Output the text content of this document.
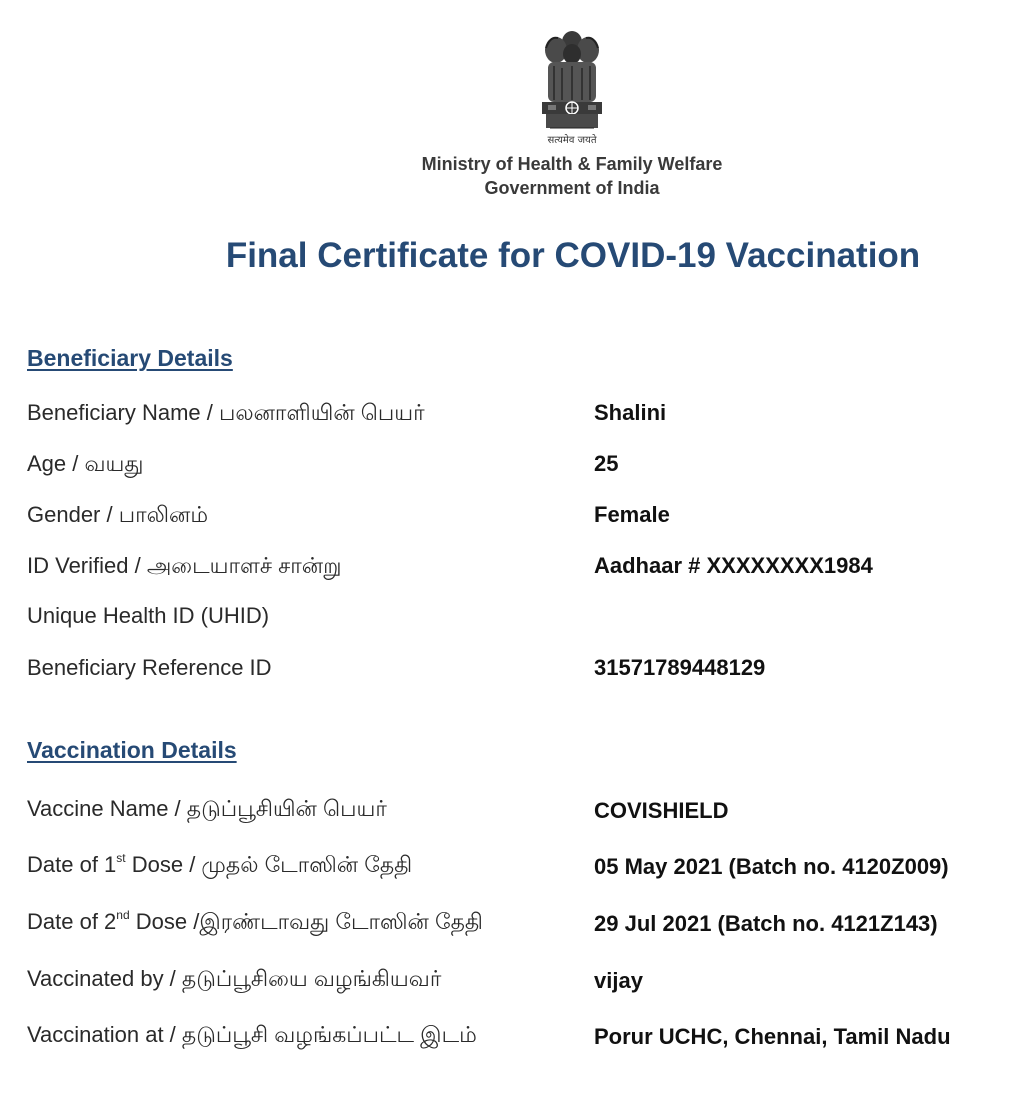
सत्यमेव जयते
Ministry of Health & Family Welfare
Government of India
Final Certificate for COVID-19 Vaccination
Beneficiary Details
Beneficiary Name / பலனாளியின் பெயர்	Shalini
Age / வயது	25
Gender / பாலினம்	Female
ID Verified / அடையாளச் சான்று	Aadhaar # XXXXXXXX1984
Unique Health ID (UHID)
Beneficiary Reference ID	31571789448129
Vaccination Details
Vaccine Name / தடுப்பூசியின் பெயர்	COVISHIELD
Date of 1st Dose / முதல் டோஸின் தேதி	05 May 2021 (Batch no. 4120Z009)
Date of 2nd Dose /இரண்டாவது டோஸின் தேதி	29 Jul 2021 (Batch no. 4121Z143)
Vaccinated by / தடுப்பூசியை வழங்கியவர்	vijay
Vaccination at / தடுப்பூசி வழங்கப்பட்ட இடம்	Porur UCHC, Chennai, Tamil Nadu
